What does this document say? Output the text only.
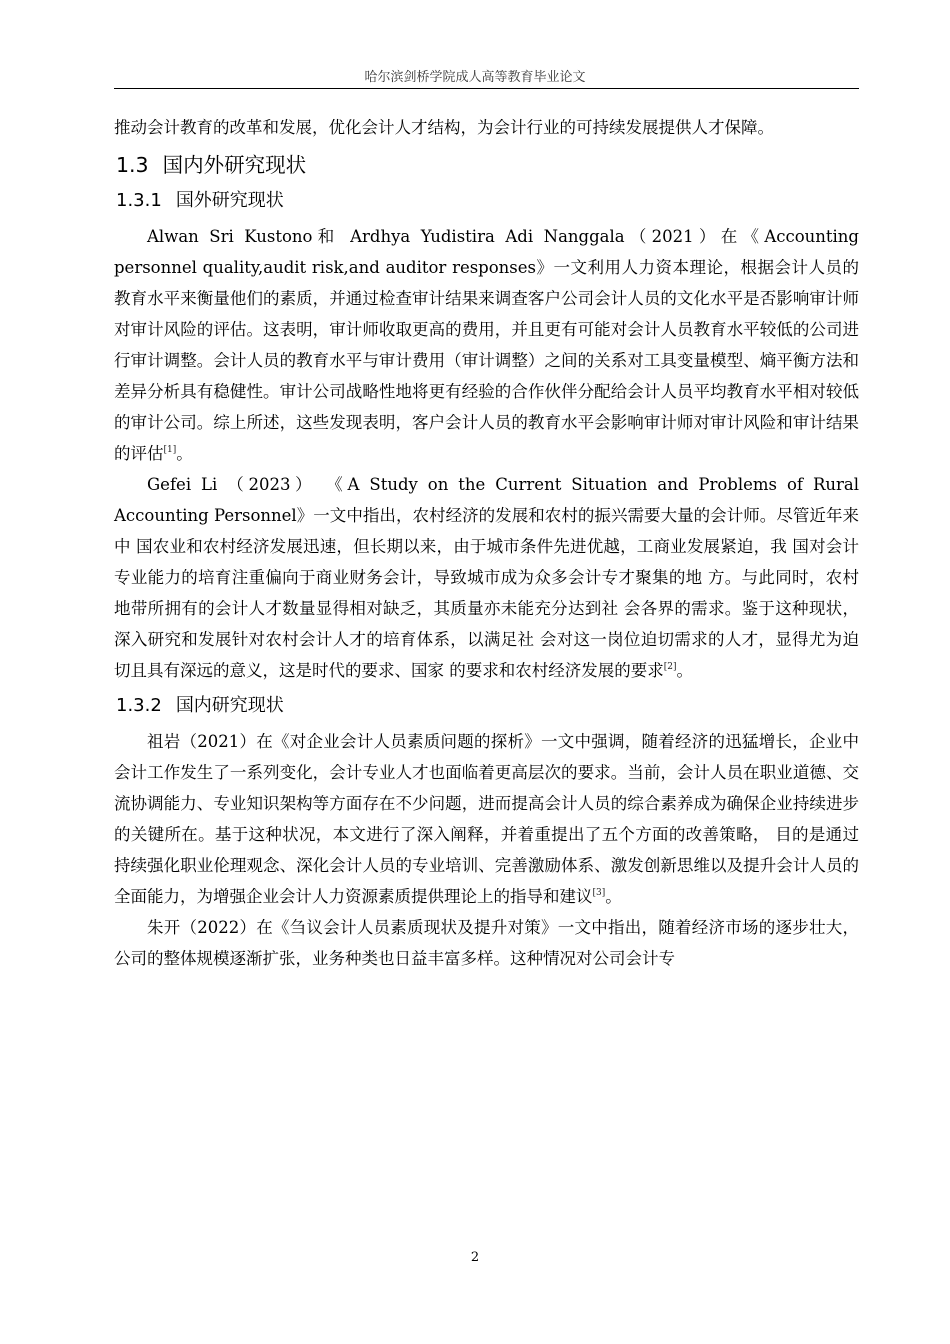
哈尔滨剑桥学院成人高等教育毕业论文

推动会计教育的改革和发展，优化会计人才结构，为会计行业的可持续发展提供人才保障。

1.3 国内外研究现状
1.3.1 国外研究现状

Alwan Sri Kustono和 Ardhya Yudistira Adi Nanggala（2021）在《Accounting personnel quality,audit risk,and auditor responses》一文利用人力资本理论，根据会计人员的教育水平来衡量他们的素质，并通过检查审计结果来调查客户公司会计人员的文化水平是否影响审计师对审计风险的评估。这表明，审计师收取更高的费用，并且更有可能对会计人员教育水平较低的公司进行审计调整。会计人员的教育水平与审计费用（审计调整）之间的关系对工具变量模型、熵平衡方法和差异分析具有稳健性。审计公司战略性地将更有经验的合作伙伴分配给会计人员平均教育水平相对较低的审计公司。综上所述，这些发现表明，客户会计人员的教育水平会影响审计师对审计风险和审计结果的评估[1]。

Gefei Li （2023） 《A Study on the Current Situation and Problems of Rural Accounting Personnel》一文中指出，农村经济的发展和农村的振兴需要大量的会计师。尽管近年来中 国农业和农村经济发展迅速，但长期以来，由于城市条件先进优越，工商业发展紧迫，我 国对会计专业能力的培育注重偏向于商业财务会计，导致城市成为众多会计专才聚集的地 方。与此同时，农村地带所拥有的会计人才数量显得相对缺乏，其质量亦未能充分达到社 会各界的需求。鉴于这种现状，深入研究和发展针对农村会计人才的培育体系，以满足社 会对这一岗位迫切需求的人才，显得尤为迫切且具有深远的意义，这是时代的要求、国家 的要求和农村经济发展的要求[2]。

1.3.2 国内研究现状

祖岩（2021）在《对企业会计人员素质问题的探析》一文中强调，随着经济的迅猛增长，企业中会计工作发生了一系列变化，会计专业人才也面临着更高层次的要求。当前，会计人员在职业道德、交流协调能力、专业知识架构等方面存在不少问题，进而提高会计人员的综合素养成为确保企业持续进步的关键所在。基于这种状况，本文进行了深入阐释，并着重提出了五个方面的改善策略， 目的是通过持续强化职业伦理观念、深化会计人员的专业培训、完善激励体系、激发创新思维以及提升会计人员的全面能力，为增强企业会计人力资源素质提供理论上的指导和建议[3]。

朱开（2022）在《刍议会计人员素质现状及提升对策》一文中指出，随着经济市场的逐步壮大，公司的整体规模逐渐扩张，业务种类也日益丰富多样。这种情况对公司会计专

2
